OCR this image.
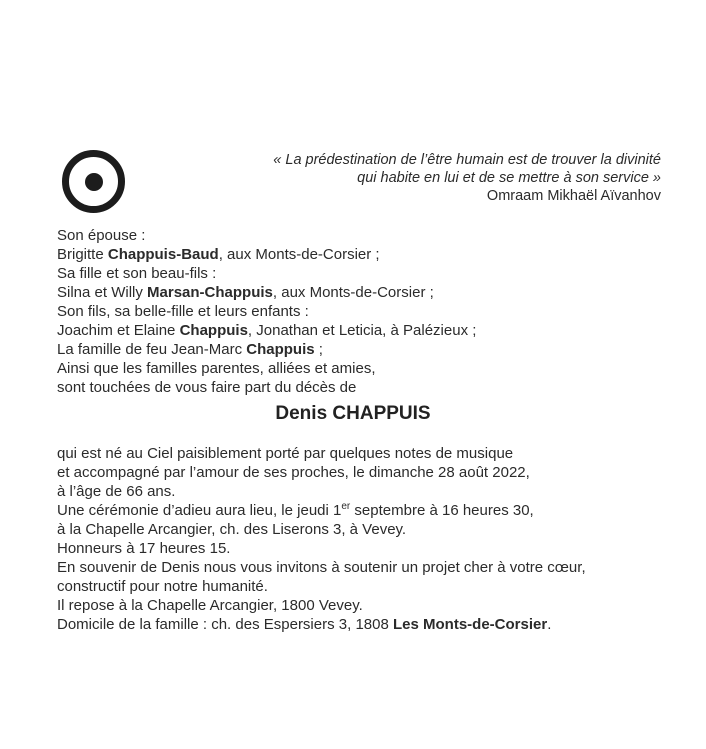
« La prédestination de l’être humain est de trouver la divinité
qui habite en lui et de se mettre à son service »
Omraam Mikhaël Aïvanhov
Son épouse :
Brigitte Chappuis-Baud, aux Monts-de-Corsier ;
Sa fille et son beau-fils :
Silna et Willy Marsan-Chappuis, aux Monts-de-Corsier ;
Son fils, sa belle-fille et leurs enfants :
Joachim et Elaine Chappuis, Jonathan et Leticia, à Palézieux ;
La famille de feu Jean-Marc Chappuis ;
Ainsi que les familles parentes, alliées et amies,
sont touchées de vous faire part du décès de
Denis CHAPPUIS
qui est né au Ciel paisiblement porté par quelques notes de musique
et accompagné par l’amour de ses proches, le dimanche 28 août 2022,
à l’âge de 66 ans.
Une cérémonie d’adieu aura lieu, le jeudi 1er septembre à 16 heures 30,
à la Chapelle Arcangier, ch. des Liserons 3, à Vevey.
Honneurs à 17 heures 15.
En souvenir de Denis nous vous invitons à soutenir un projet cher à votre cœur,
constructif pour notre humanité.
Il repose à la Chapelle Arcangier, 1800 Vevey.
Domicile de la famille : ch. des Espersiers 3, 1808 Les Monts-de-Corsier.
